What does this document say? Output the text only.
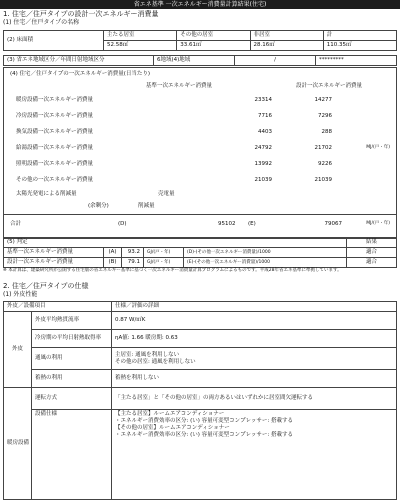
省エネ基準 一次エネルギー消費量計算結果(住宅)
1. 住宅／住戸タイプの設計一次エネルギー消費量
(1) 住宅／住戸タイプの名称
(2) 床面積	主たる居室	その他の居室	非居室	計
	52.58㎡	33.61㎡	28.16㎡	110.35㎡
(3) 省エネ地域区分／年間日射地域区分	6地域(4)地域	/	*********
(4) 住宅／住戸タイプの一次エネルギー消費量(日当たり)
基準一次エネルギー消費量	設計一次エネルギー消費量
暖房設備一次エネルギー消費量	23314	14277
冷房設備一次エネルギー消費量	7716	7296
換気設備一次エネルギー消費量	4403	288
給湯設備一次エネルギー消費量	24792	21702	MJ/(戸・年)
照明設備一次エネルギー消費量	13992	9226
その他の一次エネルギー消費量	21039	21039
太陽光発電による削減量	売電量
(余剰分)	削減量
合計	(D)	95102 (E)	79067	MJ/(戸・年)
(5) 判定					結果
基準一次エネルギー消費量	(A)	93.2	GJ/(戸・年)	(D)-(その他一次エネルギー消費量)/1000	適合
設計一次エネルギー消費量	(B)	79.1	GJ/(戸・年)	(E)-(その他一次エネルギー消費量)/1000	適合
※ 本計算は、建築研究所が公開する住宅版の省エネルギー基準に基づく一次エネルギー消費量計算プログラムによるものです。平成28年省エネ基準に準拠しています。
2. 住宅／住戸タイプの仕様
(1) 外皮性能
外皮／設備項目		仕様／評価の詳細
外皮	外皮平均熱貫流率	0.87 W/㎡K
	冷房期の平均日射熱取得率	ηA値: 1.66 暖房期: 0.63
	通風の利用	主居室: 通風を利用しない
その他の居室: 通風を利用しない
	蓄熱の利用	蓄熱を利用しない
暖房設備	運転方式	「主たる居室」と「その他の居室」の両方あるいはいずれかに居室間欠運転する
	設備仕様	【主たる居室】ルームエアコンディショナー
・エネルギー消費効率の区分: (い) 容量可変型コンプレッサー: 搭載する
【その他の居室】ルームエアコンディショナー
・エネルギー消費効率の区分: (い) 容量可変型コンプレッサー: 搭載する
